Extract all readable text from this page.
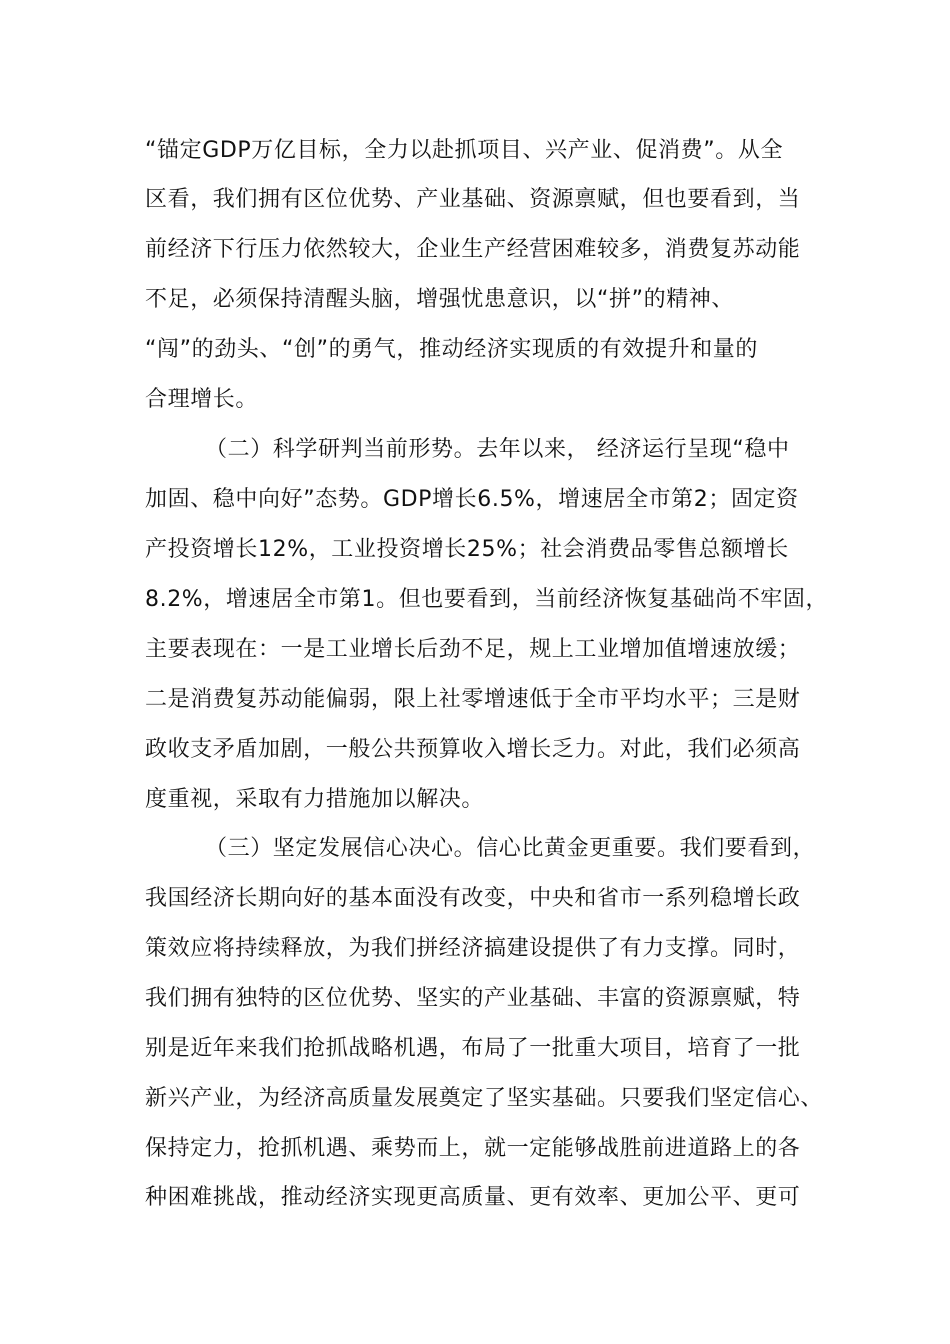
“锚定GDP万亿目标，全力以赴抓项目、兴产业、促消费”。从全
区看，我们拥有区位优势、产业基础、资源禀赋，但也要看到，当
前经济下行压力依然较大，企业生产经营困难较多，消费复苏动能
不足，必须保持清醒头脑，增强忧患意识，以“拼”的精神、
“闯”的劲头、“创”的勇气，推动经济实现质的有效提升和量的
合理增长。
（二）科学研判当前形势。去年以来， 经济运行呈现“稳中
加固、稳中向好”态势。GDP增长6.5%，增速居全市第2；固定资
产投资增长12%，工业投资增长25%；社会消费品零售总额增长
8.2%，增速居全市第1。但也要看到，当前经济恢复基础尚不牢固，
主要表现在：一是工业增长后劲不足，规上工业增加值增速放缓；
二是消费复苏动能偏弱，限上社零增速低于全市平均水平；三是财
政收支矛盾加剧，一般公共预算收入增长乏力。对此，我们必须高
度重视，采取有力措施加以解决。
（三）坚定发展信心决心。信心比黄金更重要。我们要看到，
我国经济长期向好的基本面没有改变，中央和省市一系列稳增长政
策效应将持续释放，为我们拼经济搞建设提供了有力支撑。同时，
我们拥有独特的区位优势、坚实的产业基础、丰富的资源禀赋，特
别是近年来我们抢抓战略机遇，布局了一批重大项目，培育了一批
新兴产业，为经济高质量发展奠定了坚实基础。只要我们坚定信心、
保持定力，抢抓机遇、乘势而上，就一定能够战胜前进道路上的各
种困难挑战，推动经济实现更高质量、更有效率、更加公平、更可
